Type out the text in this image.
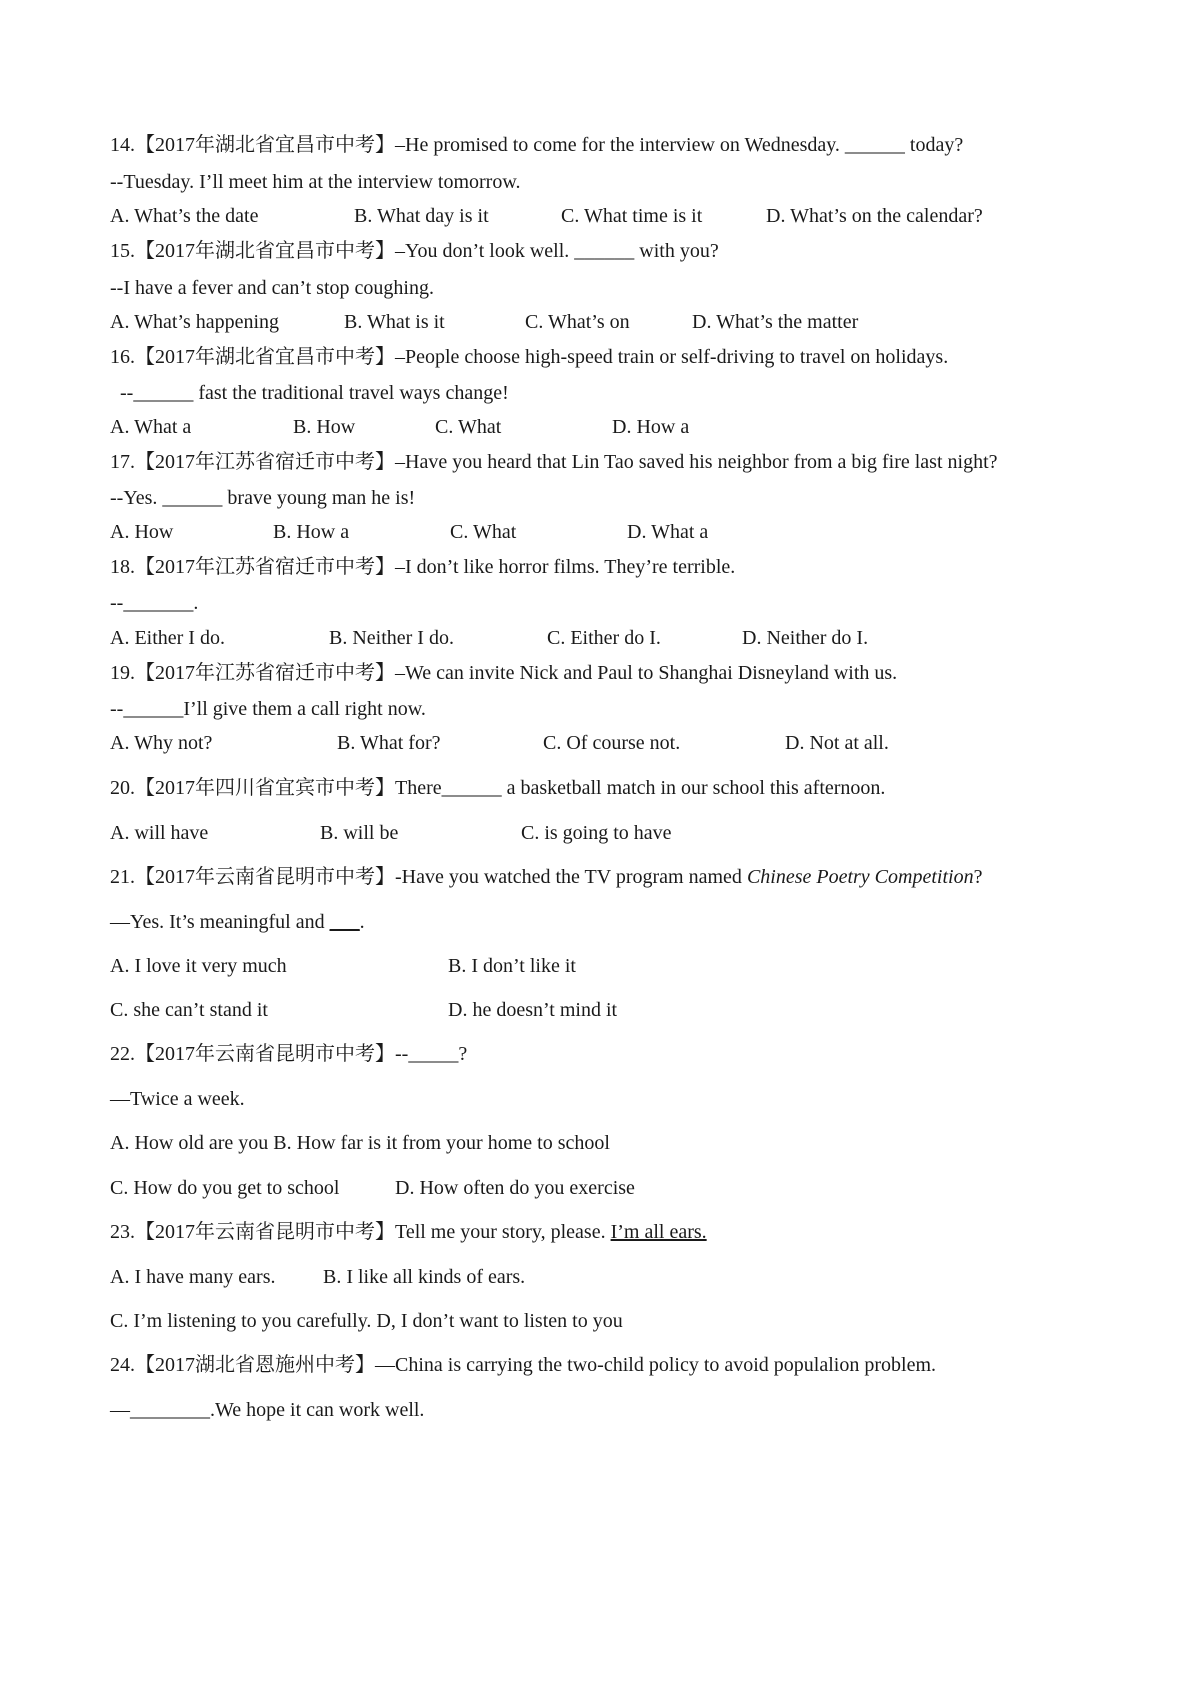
14.【2017年湖北省宜昌市中考】–He promised to come for the interview on Wednesday. ______ today?
--Tuesday. I’ll meet him at the interview tomorrow.
A. What’s the date	B. What day is it	C. What time is it	D. What’s on the calendar?
15.【2017年湖北省宜昌市中考】–You don’t look well. ______ with you?
--I have a fever and can’t stop coughing.
A. What’s happening	B. What is it	C. What’s on	D. What’s the matter
16.【2017年湖北省宜昌市中考】–People choose high-speed train or self-driving to travel on holidays.
--______ fast the traditional travel ways change!
A. What a	B. How	C. What	D. How a
17.【2017年江苏省宿迁市中考】–Have you heard that Lin Tao saved his neighbor from a big fire last night?
--Yes. ______ brave young man he is!
A. How	B. How a	C. What	D. What a
18.【2017年江苏省宿迁市中考】–I don’t like horror films. They’re terrible.
--_______.
A. Either I do.	B. Neither I do.	C. Either do I.	D. Neither do I.
19.【2017年江苏省宿迁市中考】–We can invite Nick and Paul to Shanghai Disneyland with us.
--______I’ll give them a call right now.
A. Why not?	B. What for?	C. Of course not.	D. Not at all.
20.【2017年四川省宜宾市中考】There______ a basketball match in our school this afternoon.
A. will have	B. will be	C. is going to have
21.【2017年云南省昆明市中考】-Have you watched the TV program named Chinese Poetry Competition?
—Yes. It’s meaningful and ___.
A. I love it very much	B. I don’t like it
C. she can’t stand it	D. he doesn’t mind it
22.【2017年云南省昆明市中考】--_____?
—Twice a week.
A. How old are you B. How far is it from your home to school
C. How do you get to school	D. How often do you exercise
23.【2017年云南省昆明市中考】Tell me your story, please. I’m all ears.
A. I have many ears. B. I like all kinds of ears.
C. I’m listening to you carefully. D, I don’t want to listen to you
24.【2017湖北省恩施州中考】—China is carrying the two-child policy to avoid populalion problem.
—________.We hope it can work well.
